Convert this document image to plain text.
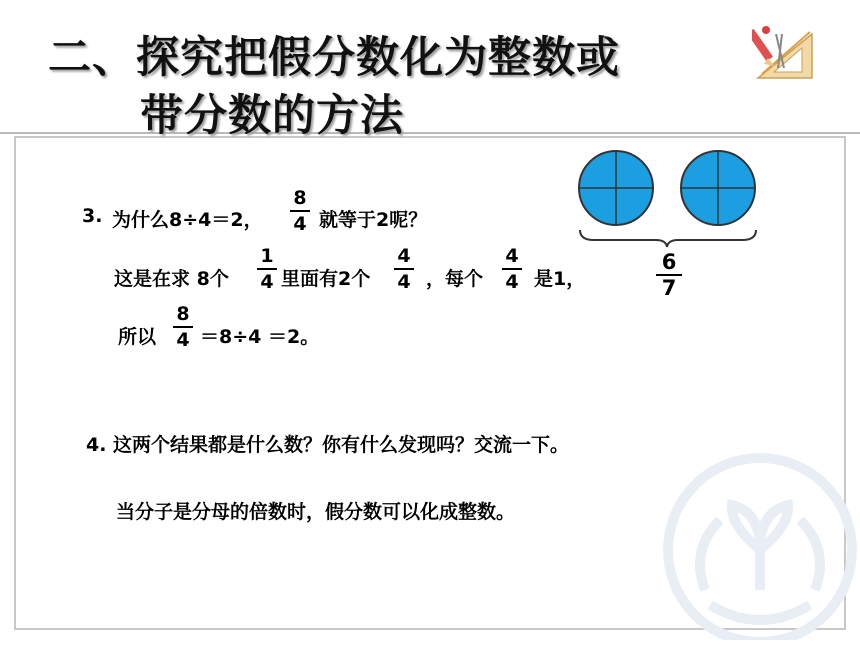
二、探究把假分数化为整数或
带分数的方法
3. 为什么8÷4＝2，
8
4 就等于2呢？
这是在求 8个
1
4 里面有2个
4
4 ，每个
4
4 是1，
所以
8
4 ＝8÷4 ＝2。
6
7
4. 这两个结果都是什么数？你有什么发现吗？交流一下。
当分子是分母的倍数时，假分数可以化成整数。
